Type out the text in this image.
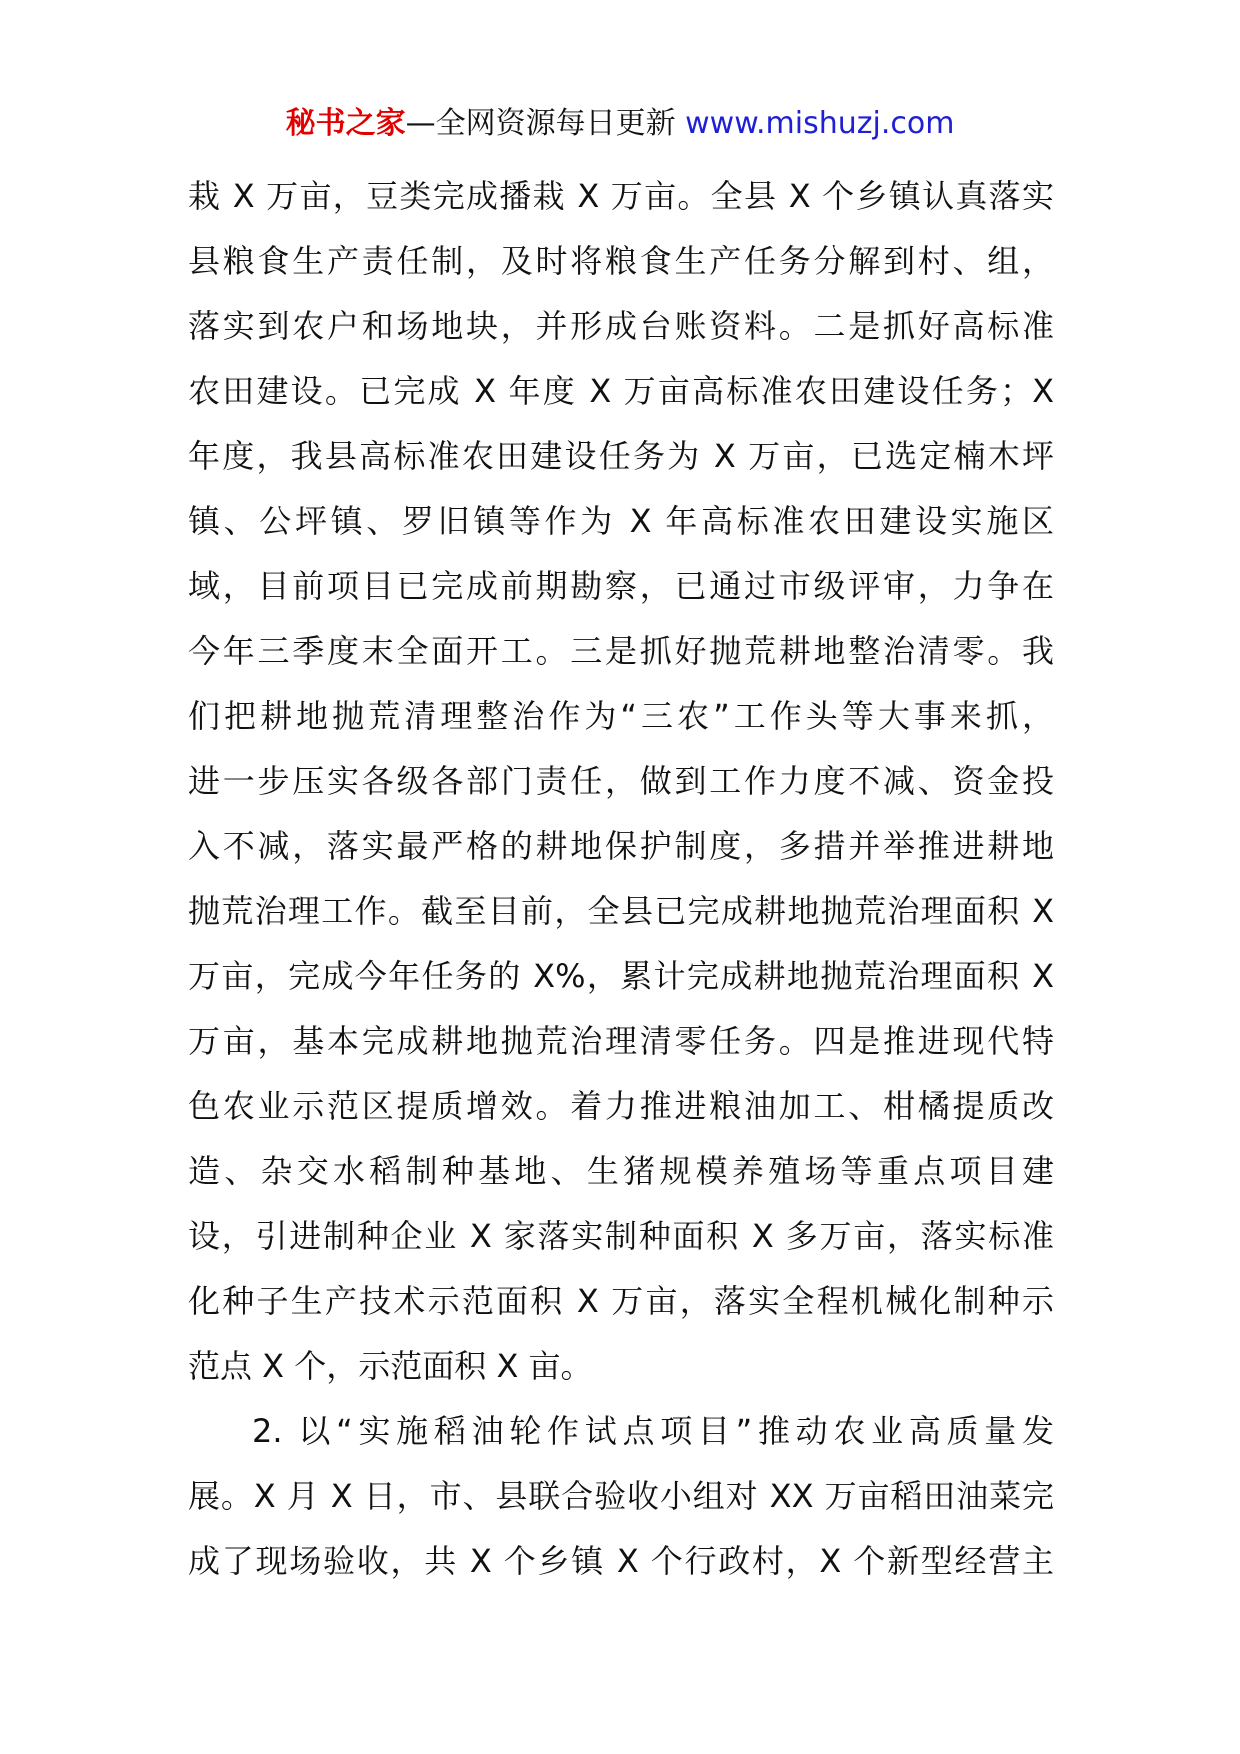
秘书之家—全网资源每日更新 www.mishuzj.com
栽 X 万亩，豆类完成播栽 X 万亩。全县 X 个乡镇认真落实
县粮食生产责任制，及时将粮食生产任务分解到村、组，
落实到农户和场地块，并形成台账资料。二是抓好高标准
农田建设。已完成 X 年度 X 万亩高标准农田建设任务；X
年度，我县高标准农田建设任务为 X 万亩，已选定楠木坪
镇、公坪镇、罗旧镇等作为 X 年高标准农田建设实施区
域，目前项目已完成前期勘察，已通过市级评审，力争在
今年三季度末全面开工。三是抓好抛荒耕地整治清零。我
们把耕地抛荒清理整治作为“三农”工作头等大事来抓，
进一步压实各级各部门责任，做到工作力度不减、资金投
入不减，落实最严格的耕地保护制度，多措并举推进耕地
抛荒治理工作。截至目前，全县已完成耕地抛荒治理面积 X
万亩，完成今年任务的 X%，累计完成耕地抛荒治理面积 X
万亩，基本完成耕地抛荒治理清零任务。四是推进现代特
色农业示范区提质增效。着力推进粮油加工、柑橘提质改
造、杂交水稻制种基地、生猪规模养殖场等重点项目建
设，引进制种企业 X 家落实制种面积 X 多万亩，落实标准
化种子生产技术示范面积 X 万亩，落实全程机械化制种示
范点 X 个，示范面积 X 亩。
2. 以“实施稻油轮作试点项目”推动农业高质量发
展。X 月 X 日，市、县联合验收小组对 XX 万亩稻田油菜完
成了现场验收，共 X 个乡镇 X 个行政村，X 个新型经营主
